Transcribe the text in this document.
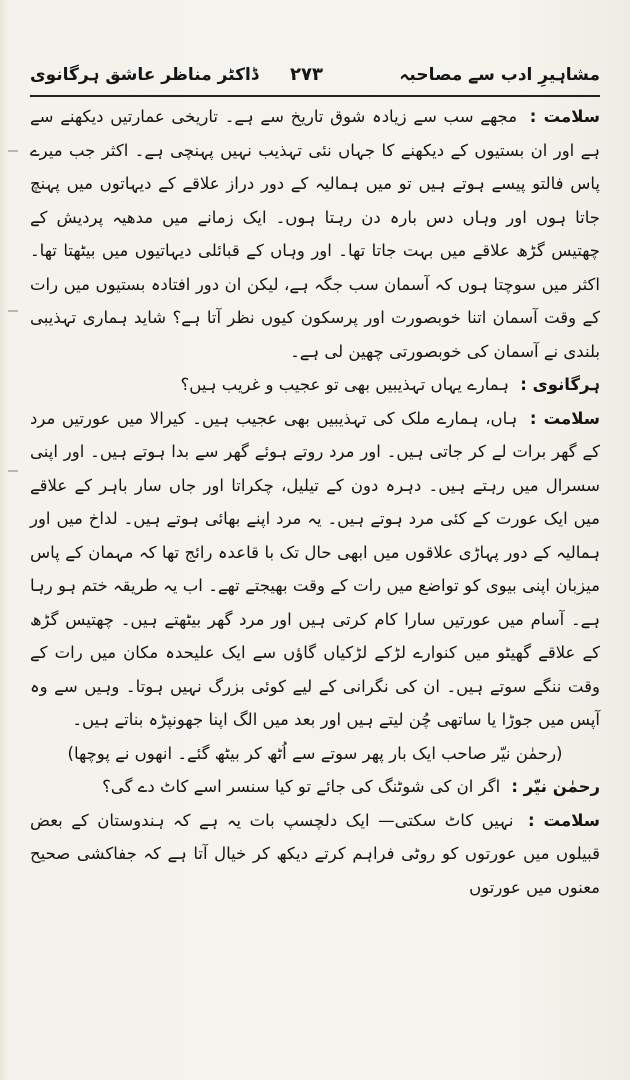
ڈاکٹر مناظر عاشق ہرگانوی ۲۷۳	مشاہیرِ ادب سے مصاحبہ

سلامت : مجھے سب سے زیادہ شوق تاریخ سے ہے۔ تاریخی عمارتیں دیکھنے سے ہے اور ان بستیوں کے دیکھنے کا جہاں نئی تہذیب نہیں پہنچی ہے۔ اکثر جب میرے پاس فالتو پیسے ہوتے ہیں تو میں ہمالیہ کے دور دراز علاقے کے دیہاتوں میں پہنچ جاتا ہوں اور وہاں دس بارہ دن رہتا ہوں۔ ایک زمانے میں مدھیہ پردیش کے چھتیس گڑھ علاقے میں بہت جاتا تھا۔ اور وہاں کے قبائلی دیہاتیوں میں بیٹھتا تھا۔ اکثر میں سوچتا ہوں کہ آسمان سب جگہ ہے، لیکن ان دور افتادہ بستیوں میں رات کے وقت آسمان اتنا خوبصورت اور پرسکون کیوں نظر آتا ہے؟ شاید ہماری تہذیبی بلندی نے آسمان کی خوبصورتی چھین لی ہے۔

ہرگانوی : ہمارے یہاں تہذیبیں بھی تو عجیب و غریب ہیں؟

سلامت : ہاں، ہمارے ملک کی تہذیبیں بھی عجیب ہیں۔ کیرالا میں عورتیں مرد کے گھر برات لے کر جاتی ہیں۔ اور مرد روتے ہوئے گھر سے بدا ہوتے ہیں۔ اور اپنی سسرال میں رہتے ہیں۔ دہرہ دون کے تیلیل، چکراتا اور جاں سار باہر کے علاقے میں ایک عورت کے کئی مرد ہوتے ہیں۔ یہ مرد اپنے بھائی ہوتے ہیں۔ لداخ میں اور ہمالیہ کے دور پہاڑی علاقوں میں ابھی حال تک با قاعدہ رائج تھا کہ مہمان کے پاس میزبان اپنی بیوی کو تواضع میں رات کے وقت بھیجتے تھے۔ اب یہ طریقہ ختم ہو رہا ہے۔ آسام میں عورتیں سارا کام کرتی ہیں اور مرد گھر بیٹھتے ہیں۔ چھتیس گڑھ کے علاقے گھیٹو میں کنوارے لڑکے لڑکیاں گاؤں سے ایک علیحدہ مکان میں رات کے وقت ننگے سوتے ہیں۔ ان کی نگرانی کے لیے کوئی بزرگ نہیں ہوتا۔ وہیں سے وہ آپس میں جوڑا یا ساتھی چُن لیتے ہیں اور بعد میں الگ اپنا جھونپڑہ بناتے ہیں۔

(رحمٰن نیّر صاحب ایک بار پھر سوتے سے اُٹھ کر بیٹھ گئے۔ انھوں نے پوچھا)

رحمٰن نیّر : اگر ان کی شوٹنگ کی جائے تو کیا سنسر اسے کاٹ دے گی؟

سلامت : نہیں کاٹ سکتی— ایک دلچسپ بات یہ ہے کہ ہندوستان کے بعض قبیلوں میں عورتوں کو روٹی فراہم کرتے دیکھ کر خیال آتا ہے کہ جفاکشی صحیح معنوں میں عورتوں
